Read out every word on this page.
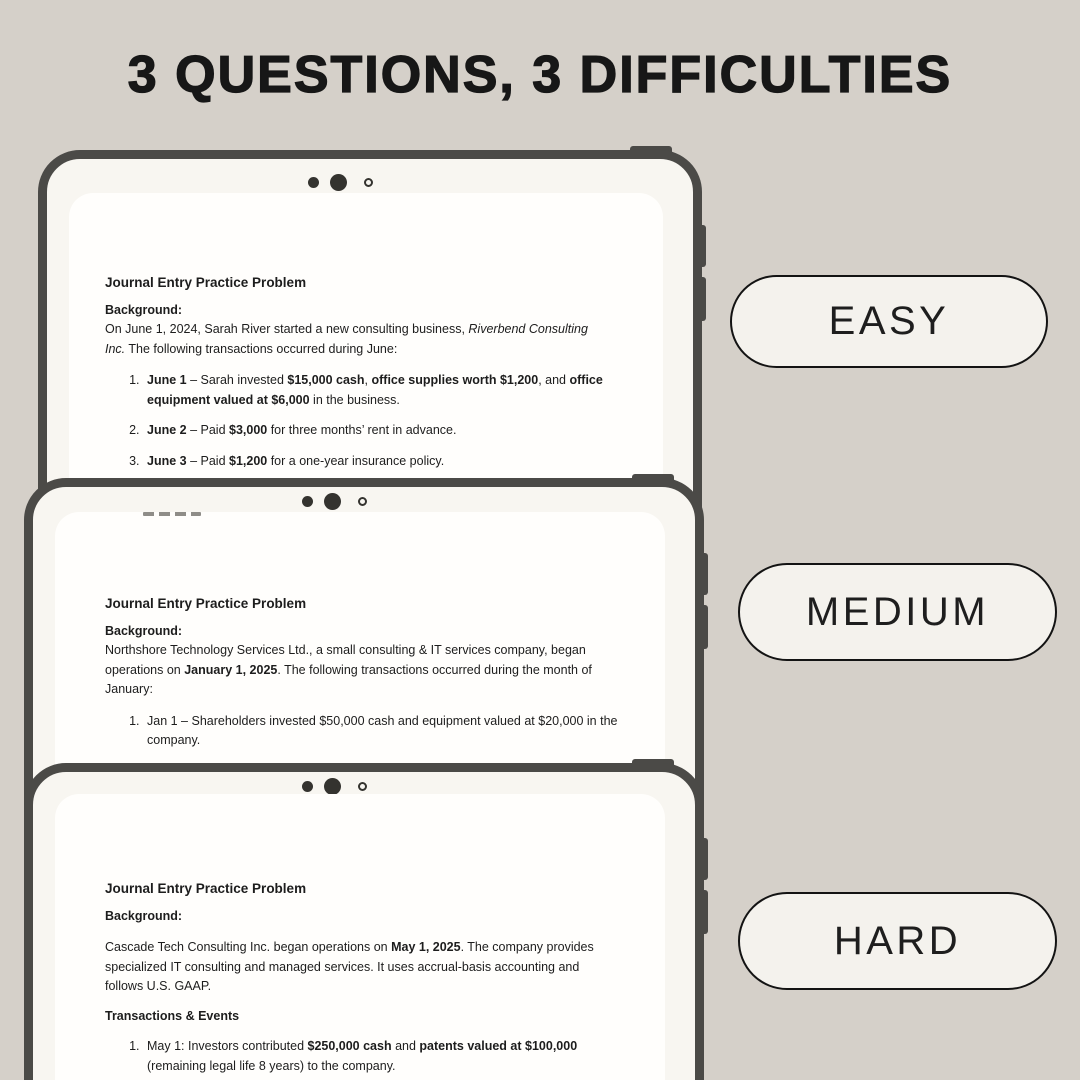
3 QUESTIONS, 3 DIFFICULTIES

Journal Entry Practice Problem

Background:

On June 1, 2024, Sarah River started a new consulting business, Riverbend Consulting Inc. The following transactions occurred during June:

1. June 1 – Sarah invested $15,000 cash, office supplies worth $1,200, and office equipment valued at $6,000 in the business.
2. June 2 – Paid $3,000 for three months’ rent in advance.
3. June 3 – Paid $1,200 for a one-year insurance policy.

Journal Entry Practice Problem

Background:

Northshore Technology Services Ltd., a small consulting & IT services company, began operations on January 1, 2025. The following transactions occurred during the month of January:

1. Jan 1 – Shareholders invested $50,000 cash and equipment valued at $20,000 in the company.

Journal Entry Practice Problem

Background:

Cascade Tech Consulting Inc. began operations on May 1, 2025. The company provides specialized IT consulting and managed services. It uses accrual-basis accounting and follows U.S. GAAP.

Transactions & Events

1. May 1: Investors contributed $250,000 cash and patents valued at $100,000 (remaining legal life 8 years) to the company.
EASY
MEDIUM
HARD
